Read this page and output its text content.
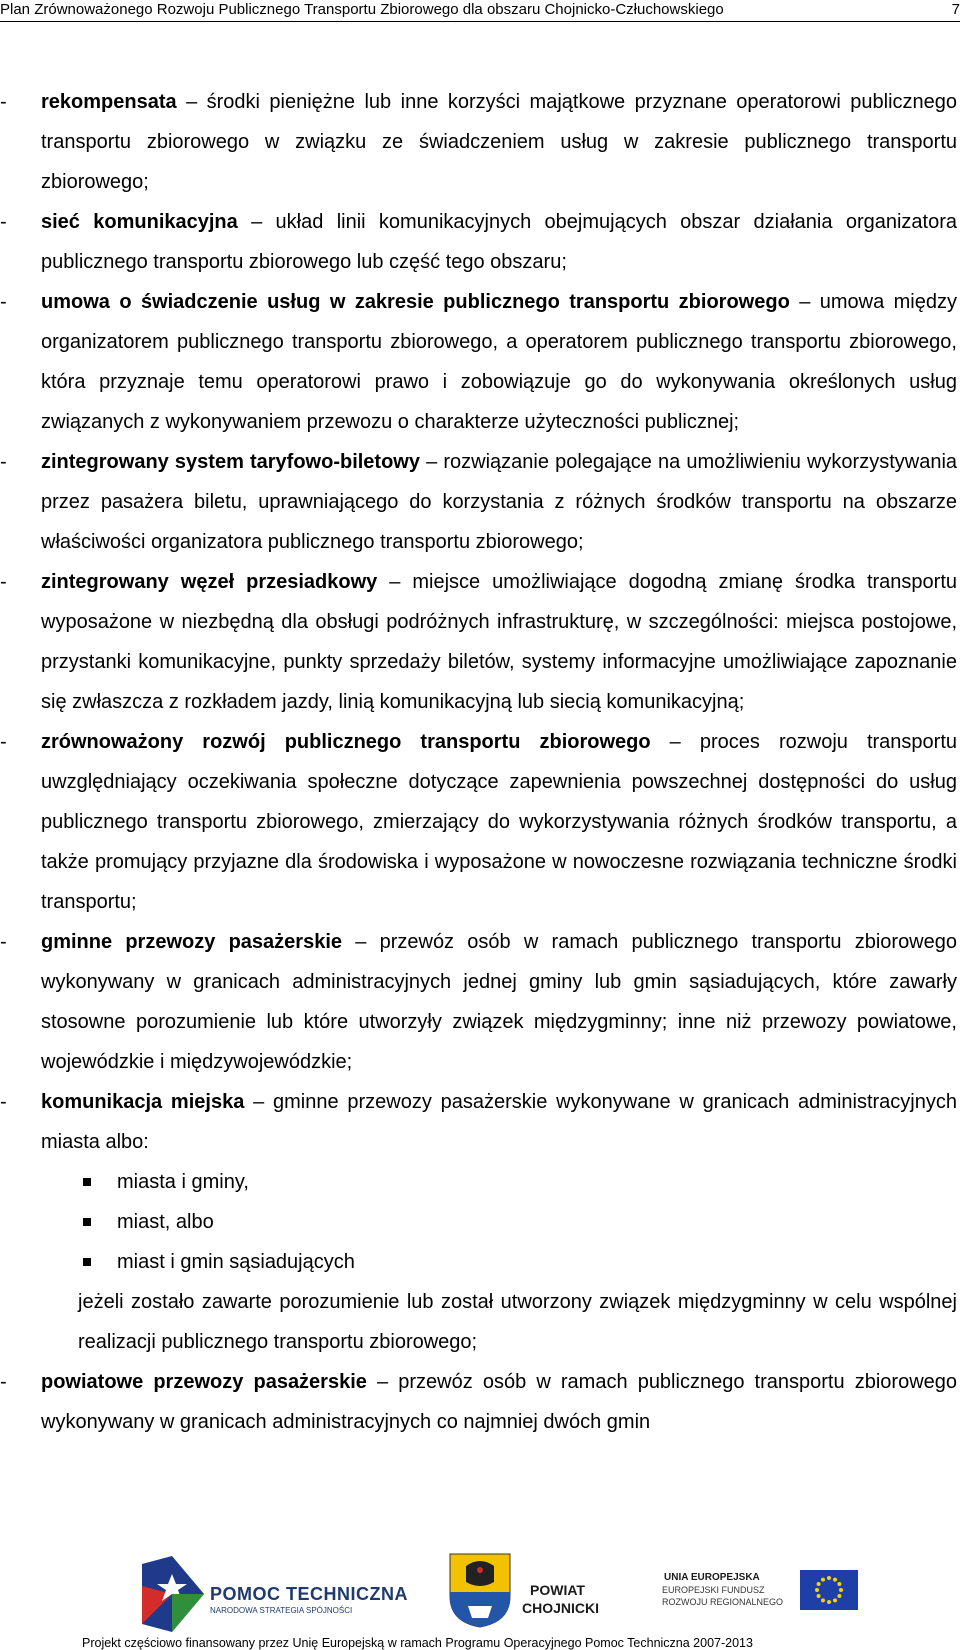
Plan Zrównoważonego Rozwoju Publicznego Transportu Zbiorowego dla obszaru Chojnicko-Człuchowskiego	7
- rekompensata – środki pieniężne lub inne korzyści majątkowe przyznane operatorowi publicznego transportu zbiorowego w związku ze świadczeniem usług w zakresie publicznego transportu zbiorowego;
- sieć komunikacyjna – układ linii komunikacyjnych obejmujących obszar działania organizatora publicznego transportu zbiorowego lub część tego obszaru;
- umowa o świadczenie usług w zakresie publicznego transportu zbiorowego – umowa między organizatorem publicznego transportu zbiorowego, a operatorem publicznego transportu zbiorowego, która przyznaje temu operatorowi prawo i zobowiązuje go do wykonywania określonych usług związanych z wykonywaniem przewozu o charakterze użyteczności publicznej;
- zintegrowany system taryfowo-biletowy – rozwiązanie polegające na umożliwieniu wykorzystywania przez pasażera biletu, uprawniającego do korzystania z różnych środków transportu na obszarze właściwości organizatora publicznego transportu zbiorowego;
- zintegrowany węzeł przesiadkowy – miejsce umożliwiające dogodną zmianę środka transportu wyposażone w niezbędną dla obsługi podróżnych infrastrukturę, w szczególności: miejsca postojowe, przystanki komunikacyjne, punkty sprzedaży biletów, systemy informacyjne umożliwiające zapoznanie się zwłaszcza z rozkładem jazdy, linią komunikacyjną lub siecią komunikacyjną;
- zrównoważony rozwój publicznego transportu zbiorowego – proces rozwoju transportu uwzględniający oczekiwania społeczne dotyczące zapewnienia powszechnej dostępności do usług publicznego transportu zbiorowego, zmierzający do wykorzystywania różnych środków transportu, a także promujący przyjazne dla środowiska i wyposażone w nowoczesne rozwiązania techniczne środki transportu;
- gminne przewozy pasażerskie – przewóz osób w ramach publicznego transportu zbiorowego wykonywany w granicach administracyjnych jednej gminy lub gmin sąsiadujących, które zawarły stosowne porozumienie lub które utworzyły związek międzygminny; inne niż przewozy powiatowe, wojewódzkie i międzywojewódzkie;
- komunikacja miejska – gminne przewozy pasażerskie wykonywane w granicach administracyjnych miasta albo:
miasta i gminy,
miast, albo
miast i gmin sąsiadujących
jeżeli zostało zawarte porozumienie lub został utworzony związek międzygminny w celu wspólnej realizacji publicznego transportu zbiorowego;
- powiatowe przewozy pasażerskie – przewóz osób w ramach publicznego transportu zbiorowego wykonywany w granicach administracyjnych co najmniej dwóch gmin
POMOC TECHNICZNA
NARODOWA STRATEGIA SPÓJNOŚCI
POWIAT
CHOJNICKI
UNIA EUROPEJSKA
EUROPEJSKI FUNDUSZ
ROZWOJU REGIONALNEGO
Projekt częściowo finansowany przez Unię Europejską w ramach Programu Operacyjnego Pomoc Techniczna 2007-2013
